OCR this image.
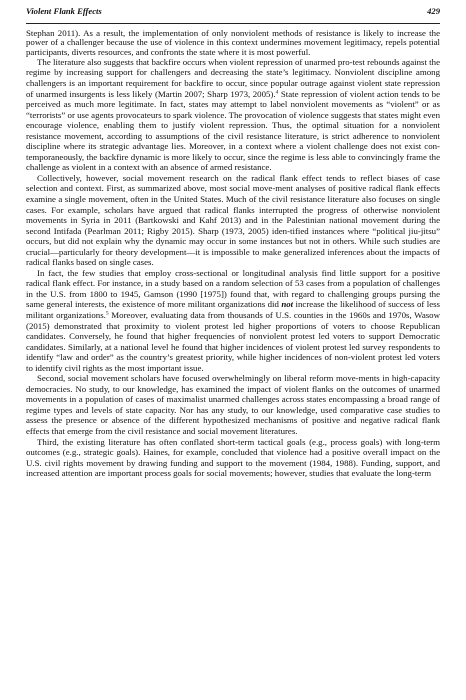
Violent Flank Effects	429

Stephan 2011). As a result, the implementation of only nonviolent methods of resistance is likely to increase the power of a challenger because the use of violence in this context undermines movement legitimacy, repels potential participants, diverts resources, and confronts the state where it is most powerful.

The literature also suggests that backfire occurs when violent repression of unarmed pro-test rebounds against the regime by increasing support for challengers and decreasing the state’s legitimacy. Nonviolent discipline among challengers is an important requirement for backfire to occur, since popular outrage against violent state repression of unarmed insurgents is less likely (Martin 2007; Sharp 1973, 2005).$^4$ State repression of violent action tends to be perceived as much more legitimate. In fact, states may attempt to label nonviolent movements as “violent” or as “terrorists” or use agents provocateurs to spark violence. The provocation of violence suggests that states might even encourage violence, enabling them to justify violent repression. Thus, the optimal situation for a nonviolent resistance movement, according to assumptions of the civil resistance literature, is strict adherence to nonviolent discipline where its strategic advantage lies. Moreover, in a context where a violent challenge does not exist con-temporaneously, the backfire dynamic is more likely to occur, since the regime is less able to convincingly frame the challenge as violent in a context with an absence of armed resistance.

Collectively, however, social movement research on the radical flank effect tends to reflect biases of case selection and context. First, as summarized above, most social move-ment analyses of positive radical flank effects examine a single movement, often in the United States. Much of the civil resistance literature also focuses on single cases. For example, scholars have argued that radical flanks interrupted the progress of otherwise nonviolent movements in Syria in 2011 (Bartkowski and Kahf 2013) and in the Palestinian national movement during the second Intifada (Pearlman 2011; Rigby 2015). Sharp (1973, 2005) iden-tified instances where “political jiu-jitsu” occurs, but did not explain why the dynamic may occur in some instances but not in others. While such studies are crucial—particularly for theory development—it is impossible to make generalized inferences about the impacts of radical flanks based on single cases.

In fact, the few studies that employ cross-sectional or longitudinal analysis find little support for a positive radical flank effect. For instance, in a study based on a random selection of 53 cases from a population of challenges in the U.S. from 1800 to 1945, Gamson (1990 [1975]) found that, with regard to challenging groups pursing the same general interests, the existence of more militant organizations did not increase the likelihood of success of less militant organizations.$^5$ Moreover, evaluating data from thousands of U.S. counties in the 1960s and 1970s, Wasow (2015) demonstrated that proximity to violent protest led higher proportions of voters to choose Republican candidates. Conversely, he found that higher frequencies of nonviolent protest led voters to support Democratic candidates. Similarly, at a national level he found that higher incidences of violent protest led survey respondents to identify “law and order” as the country’s greatest priority, while higher incidences of non-violent protest led voters to identify civil rights as the most important issue.

Second, social movement scholars have focused overwhelmingly on liberal reform move-ments in high-capacity democracies. No study, to our knowledge, has examined the impact of violent flanks on the outcomes of unarmed movements in a population of cases of maximalist unarmed challenges across states encompassing a broad range of regime types and levels of state capacity. Nor has any study, to our knowledge, used comparative case studies to assess the presence or absence of the different hypothesized mechanisms of positive and negative radical flank effects that emerge from the civil resistance and social movement literatures.

Third, the existing literature has often conflated short-term tactical goals (e.g., process goals) with long-term outcomes (e.g., strategic goals). Haines, for example, concluded that violence had a positive overall impact on the U.S. civil rights movement by drawing funding and support to the movement (1984, 1988). Funding, support, and increased attention are important process goals for social movements; however, studies that evaluate the long-term
